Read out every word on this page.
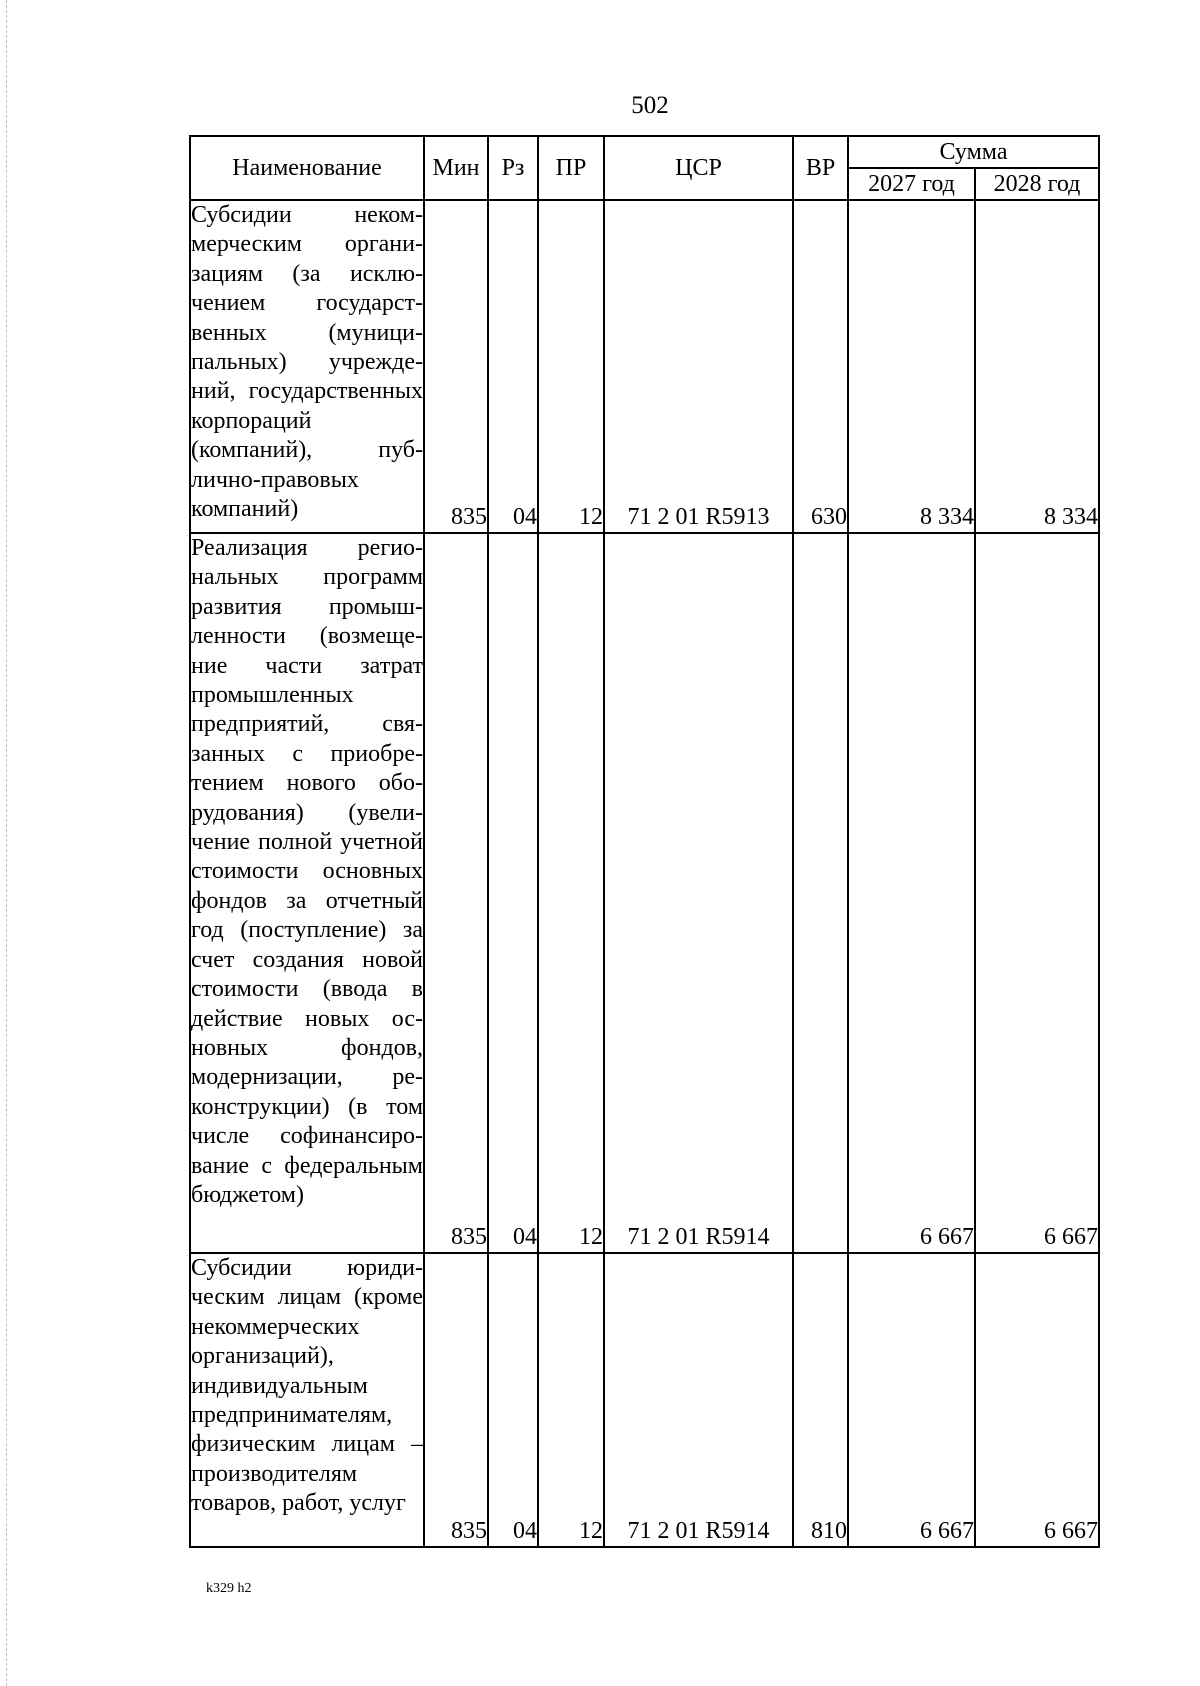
502
Наименование	Мин	Рз	ПР	ЦСР	ВР	Сумма	
						2027 год	2028 год
Субсидии некоммерческим организациям (за исключением государственных (муниципальных) учреждений, государственных корпораций (компаний), публично-правовых компаний)	835	04	12	71 2 01 R5913	630	8 334	8 334
Реализация региональных программ развития промышленности (возмещение части затрат промышленных предприятий, связанных с приобретением нового оборудования) (увеличение полной учетной стоимости основных фондов за отчетный год (поступление) за счет создания новой стоимости (ввода в действие новых основных фондов, модернизации, реконструкции) (в том числе софинансирование с федеральным бюджетом)	835	04	12	71 2 01 R5914		6 667	6 667
Субсидии юридическим лицам (кроме некоммерческих организаций), индивидуальным предпринимателям, физическим лицам – производителям товаров, работ, услуг	835	04	12	71 2 01 R5914	810	6 667	6 667
k329 h2
